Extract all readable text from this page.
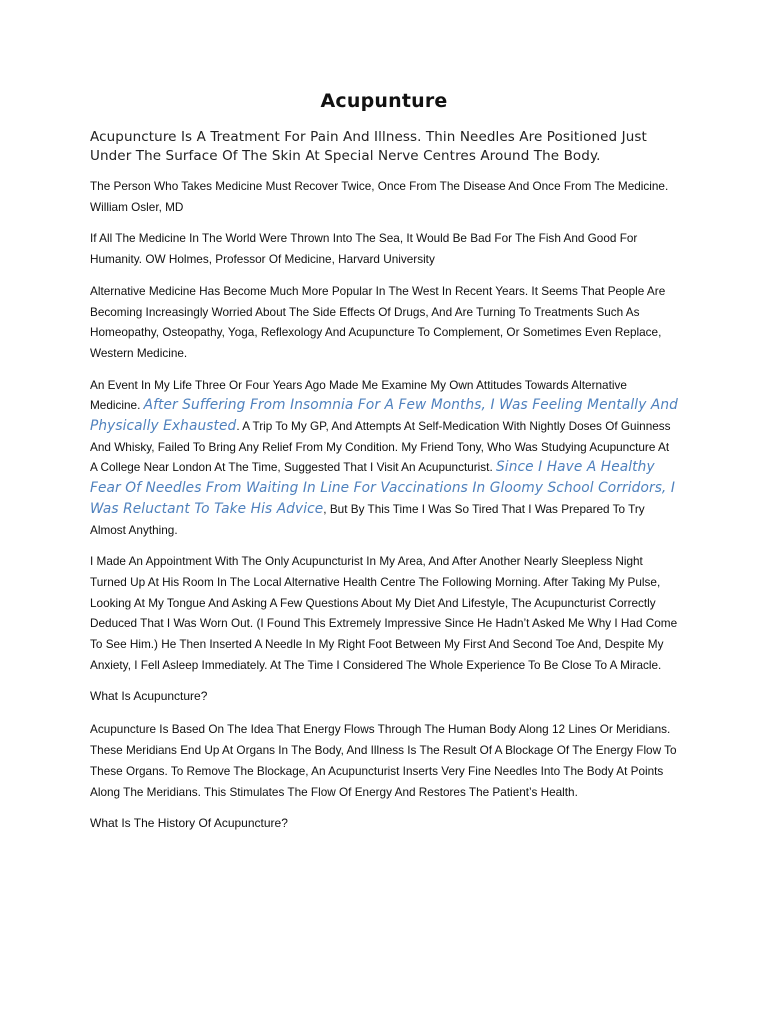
Acupunture

Acupuncture Is A Treatment For Pain And Illness. Thin Needles Are Positioned Just Under The Surface Of The Skin At Special Nerve Centres Around The Body.

The Person Who Takes Medicine Must Recover Twice, Once From The Disease And Once From The Medicine. William Osler, MD

If All The Medicine In The World Were Thrown Into The Sea, It Would Be Bad For The Fish And Good For Humanity. OW Holmes, Professor Of Medicine, Harvard University

Alternative Medicine Has Become Much More Popular In The West In Recent Years. It Seems That People Are Becoming Increasingly Worried About The Side Effects Of Drugs, And Are Turning To Treatments Such As Homeopathy, Osteopathy, Yoga, Reflexology And Acupuncture To Complement, Or Sometimes Even Replace, Western Medicine.

An Event In My Life Three Or Four Years Ago Made Me Examine My Own Attitudes Towards Alternative Medicine. After Suffering From Insomnia For A Few Months, I Was Feeling Mentally And Physically Exhausted. A Trip To My GP, And Attempts At Self-Medication With Nightly Doses Of Guinness And Whisky, Failed To Bring Any Relief From My Condition. My Friend Tony, Who Was Studying Acupuncture At A College Near London At The Time, Suggested That I Visit An Acupuncturist. Since I Have A Healthy Fear Of Needles From Waiting In Line For Vaccinations In Gloomy School Corridors, I Was Reluctant To Take His Advice, But By This Time I Was So Tired That I Was Prepared To Try Almost Anything.

I Made An Appointment With The Only Acupuncturist In My Area, And After Another Nearly Sleepless Night Turned Up At His Room In The Local Alternative Health Centre The Following Morning. After Taking My Pulse, Looking At My Tongue And Asking A Few Questions About My Diet And Lifestyle, The Acupuncturist Correctly Deduced That I Was Worn Out. (I Found This Extremely Impressive Since He Hadn’t Asked Me Why I Had Come To See Him.) He Then Inserted A Needle In My Right Foot Between My First And Second Toe And, Despite My Anxiety, I Fell Asleep Immediately. At The Time I Considered The Whole Experience To Be Close To A Miracle.

What Is Acupuncture?

Acupuncture Is Based On The Idea That Energy Flows Through The Human Body Along 12 Lines Or Meridians. These Meridians End Up At Organs In The Body, And Illness Is The Result Of A Blockage Of The Energy Flow To These Organs. To Remove The Blockage, An Acupuncturist Inserts Very Fine Needles Into The Body At Points Along The Meridians. This Stimulates The Flow Of Energy And Restores The Patient’s Health.

What Is The History Of Acupuncture?
